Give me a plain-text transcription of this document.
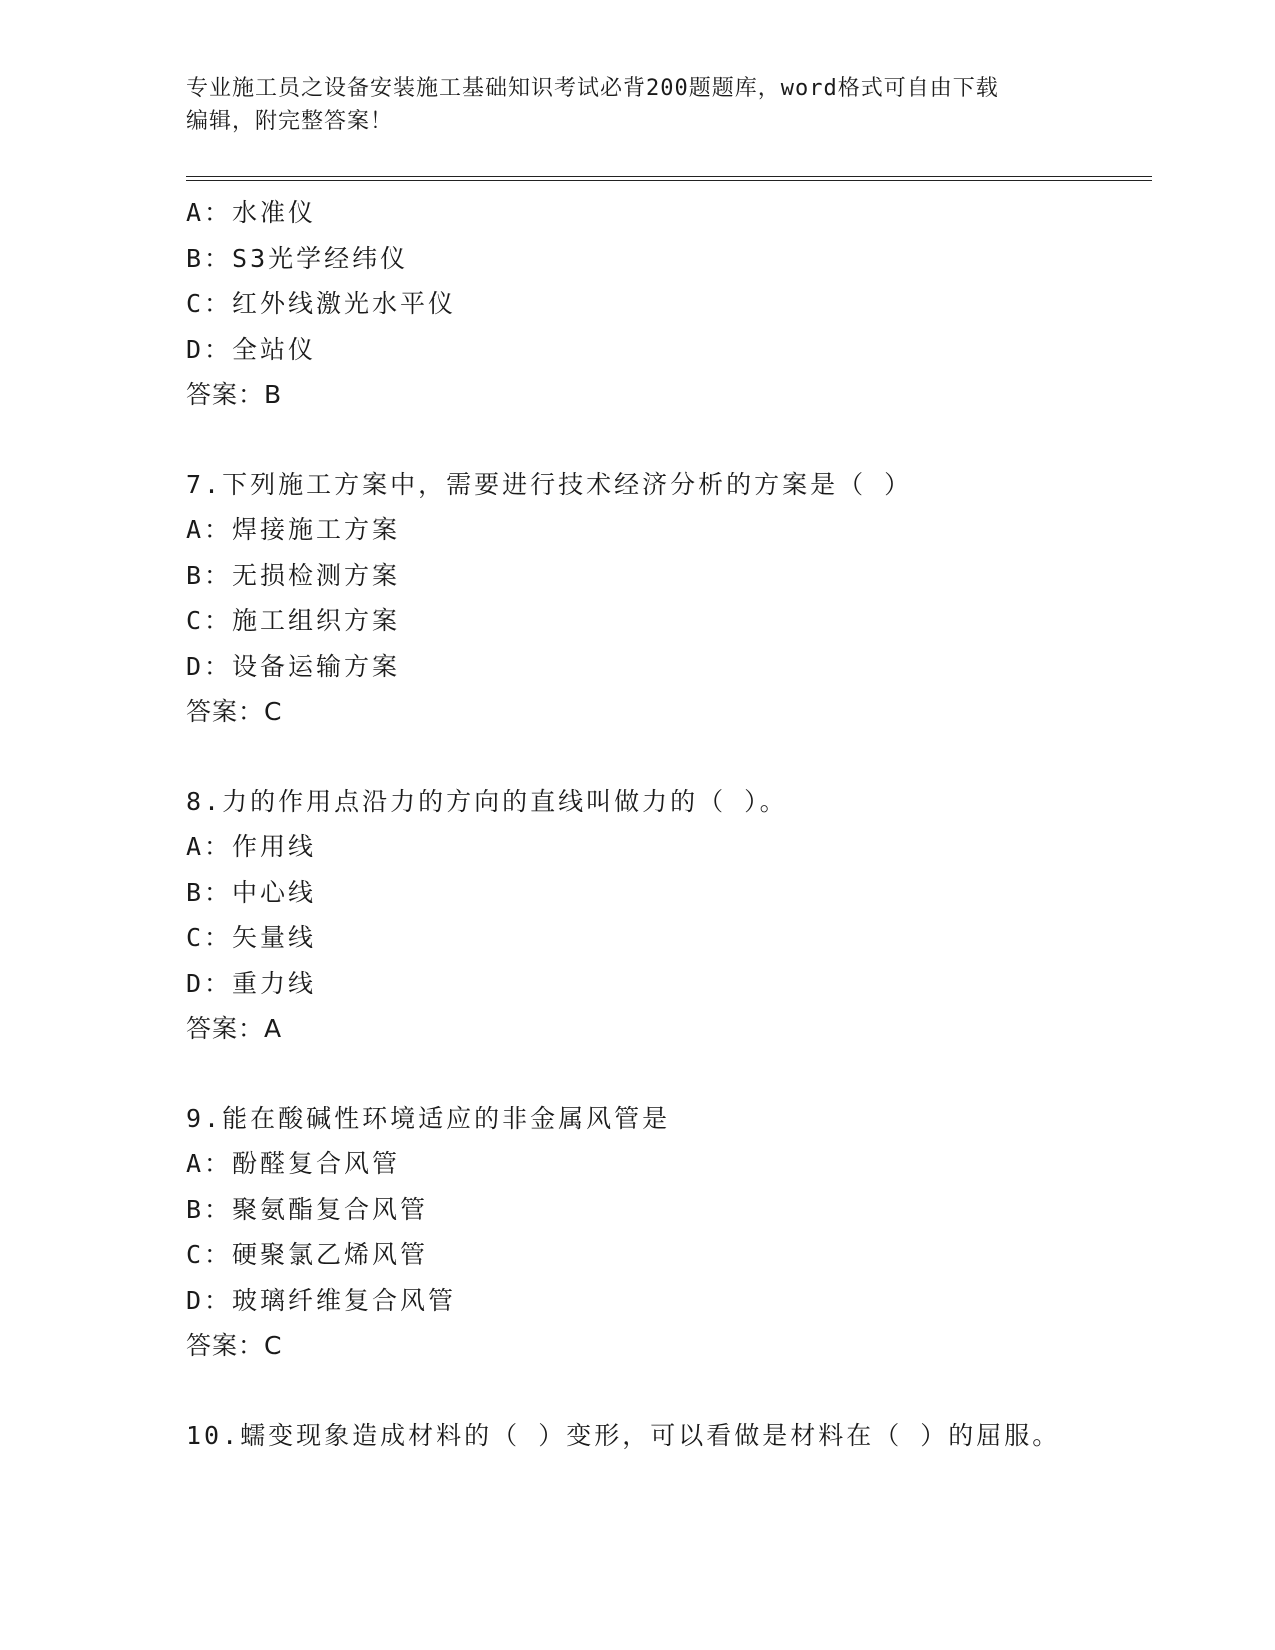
专业施工员之设备安装施工基础知识考试必背200题题库，word格式可自由下载
编辑，附完整答案！
A：水准仪
B：S3光学经纬仪
C：红外线激光水平仪
D：全站仪
答案：B
7.下列施工方案中，需要进行技术经济分析的方案是（ ）
A：焊接施工方案
B：无损检测方案
C：施工组织方案
D：设备运输方案
答案：C
8.力的作用点沿力的方向的直线叫做力的（ ）。
A：作用线
B：中心线
C：矢量线
D：重力线
答案：A
9.能在酸碱性环境适应的非金属风管是
A：酚醛复合风管
B：聚氨酯复合风管
C：硬聚氯乙烯风管
D：玻璃纤维复合风管
答案：C
10.蠕变现象造成材料的（ ）变形，可以看做是材料在（ ）的屈服。
